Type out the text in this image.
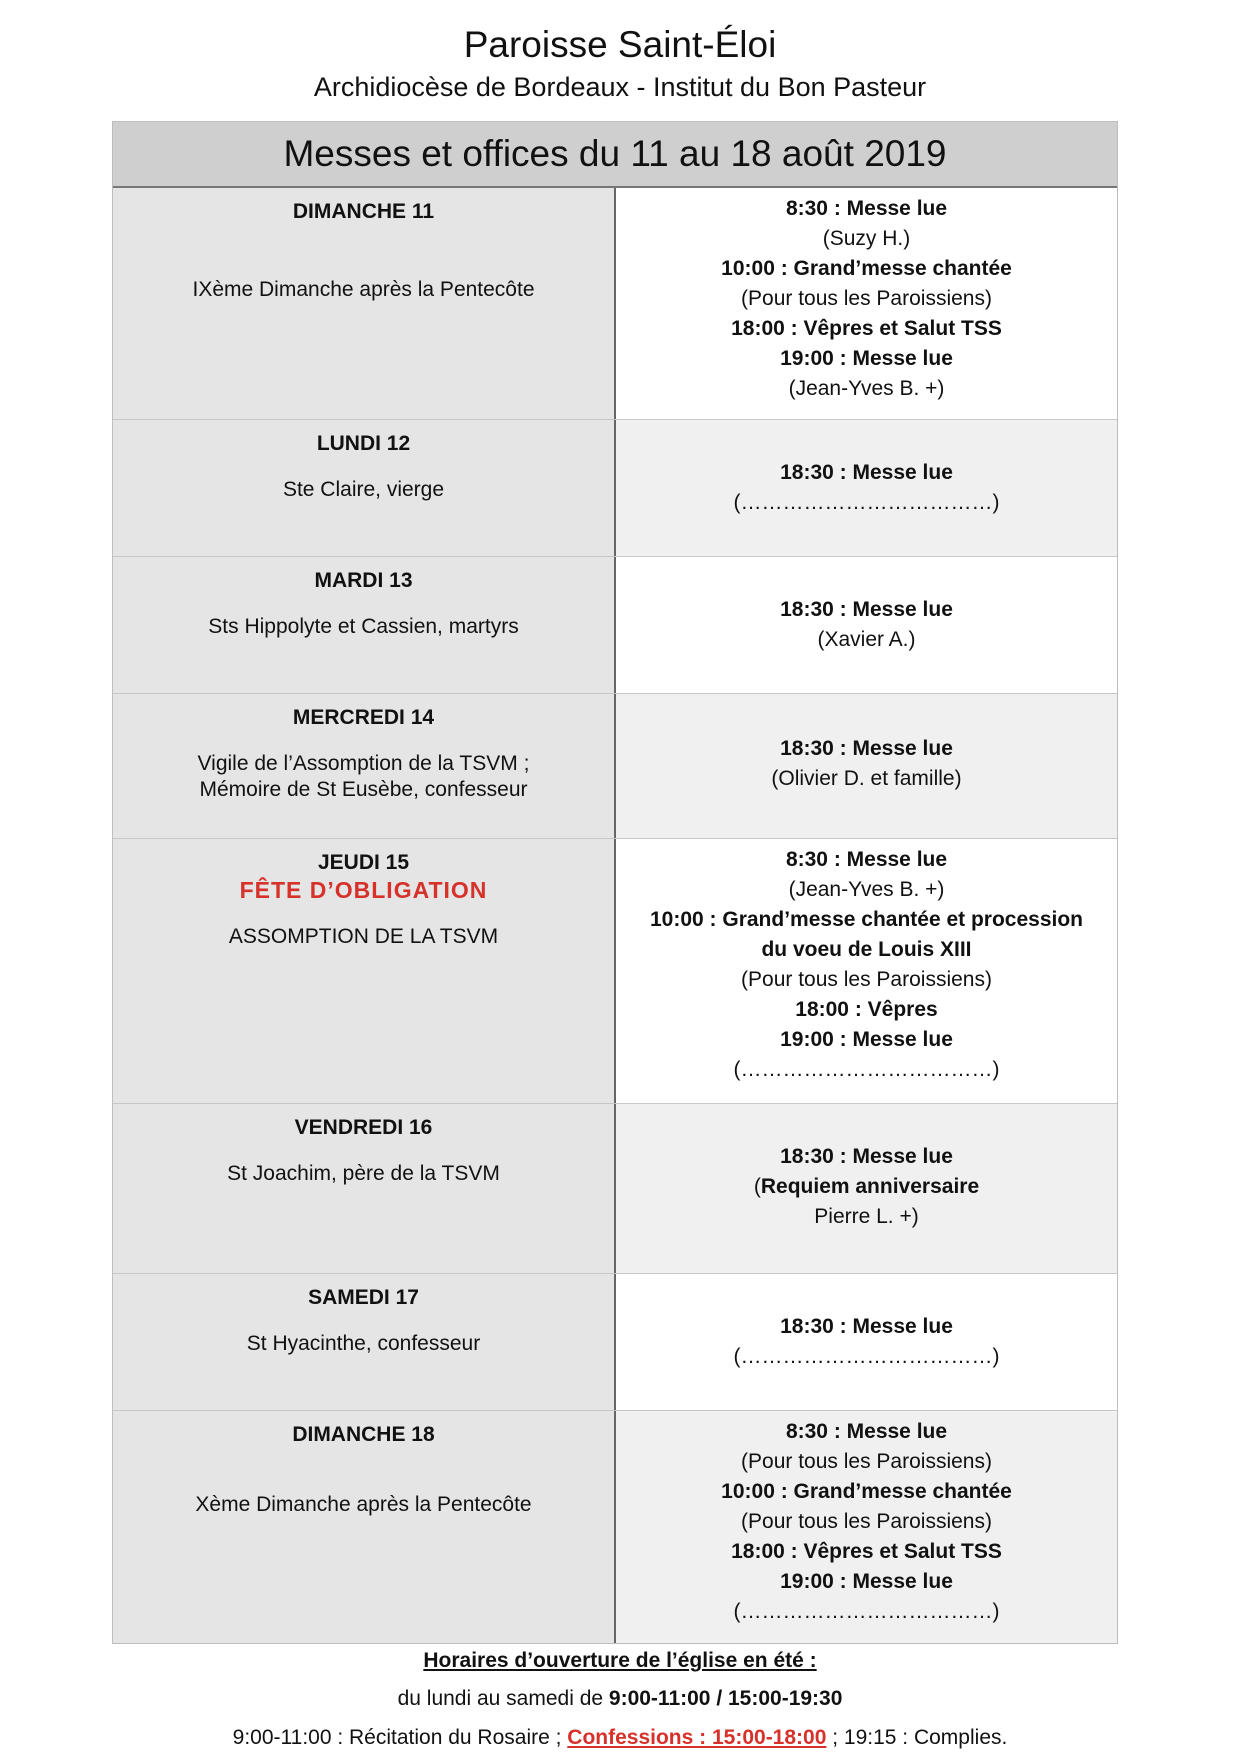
Paroisse Saint-Éloi
Archidiocèse de Bordeaux - Institut du Bon Pasteur
Messes et offices du 11 au 18 août 2019
DIMANCHE 11
IXème Dimanche après la Pentecôte
8:30 : Messe lue
(Suzy H.)
10:00 : Grand’messe chantée
(Pour tous les Paroissiens)
18:00 : Vêpres et Salut TSS
19:00 : Messe lue
(Jean-Yves B. +)
LUNDI 12
Ste Claire, vierge
18:30 : Messe lue
(………………………………)
MARDI 13
Sts Hippolyte et Cassien, martyrs
18:30 : Messe lue
(Xavier A.)
MERCREDI 14
Vigile de l’Assomption de la TSVM ;
Mémoire de St Eusèbe, confesseur
18:30 : Messe lue
(Olivier D. et famille)
JEUDI 15
FÊTE D’OBLIGATION
ASSOMPTION DE LA TSVM
8:30 : Messe lue
(Jean-Yves B. +)
10:00 : Grand’messe chantée et procession
du voeu de Louis XIII
(Pour tous les Paroissiens)
18:00 : Vêpres
19:00 : Messe lue
(………………………………)
VENDREDI 16
St Joachim, père de la TSVM
18:30 : Messe lue
(Requiem anniversaire
Pierre L. +)
SAMEDI 17
St Hyacinthe, confesseur
18:30 : Messe lue
(………………………………)
DIMANCHE 18
Xème Dimanche après la Pentecôte
8:30 : Messe lue
(Pour tous les Paroissiens)
10:00 : Grand’messe chantée
(Pour tous les Paroissiens)
18:00 : Vêpres et Salut TSS
19:00 : Messe lue
(………………………………)
Horaires d’ouverture de l’église en été :
du lundi au samedi de 9:00-11:00 / 15:00-19:30
9:00-11:00 : Récitation du Rosaire ; Confessions : 15:00-18:00 ; 19:15 : Complies.
